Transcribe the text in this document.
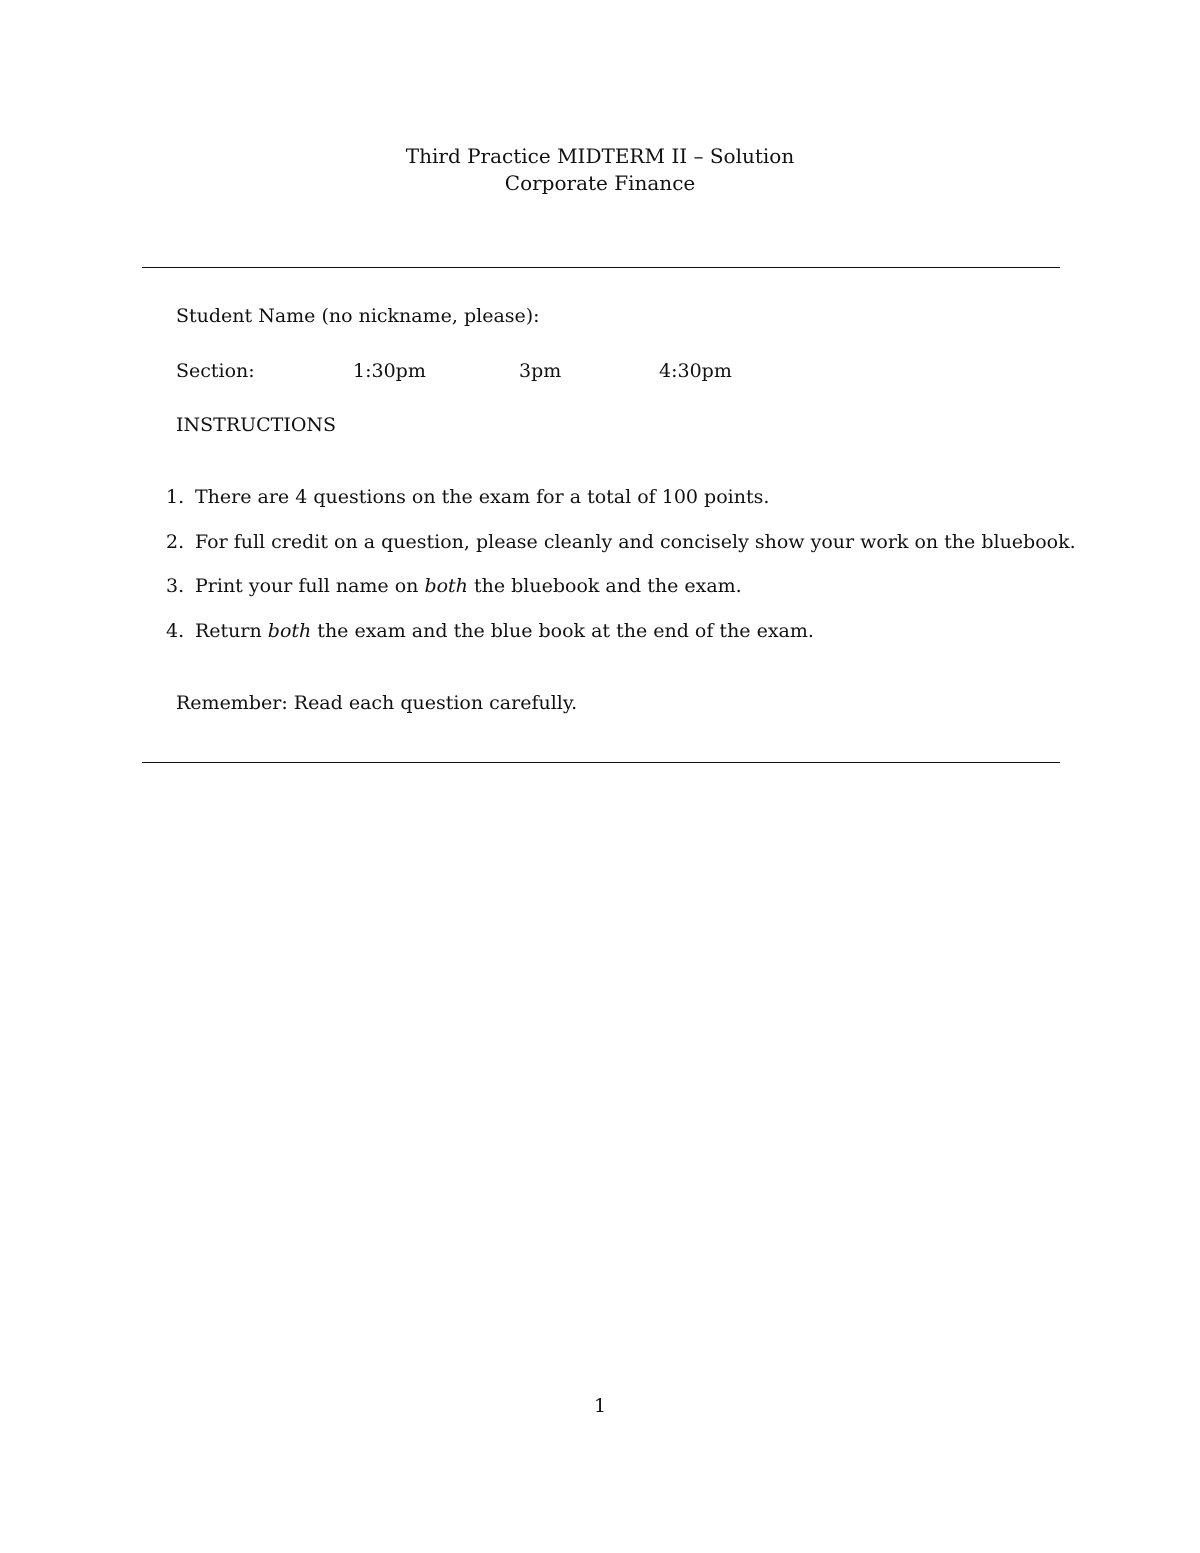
Third Practice MIDTERM II – Solution
Corporate Finance
Student Name (no nickname, please):
Section:	1:30pm	3pm	4:30pm
INSTRUCTIONS
1. There are 4 questions on the exam for a total of 100 points.
2. For full credit on a question, please cleanly and concisely show your work on the bluebook.
3. Print your full name on both the bluebook and the exam.
4. Return both the exam and the blue book at the end of the exam.
Remember: Read each question carefully.
1
